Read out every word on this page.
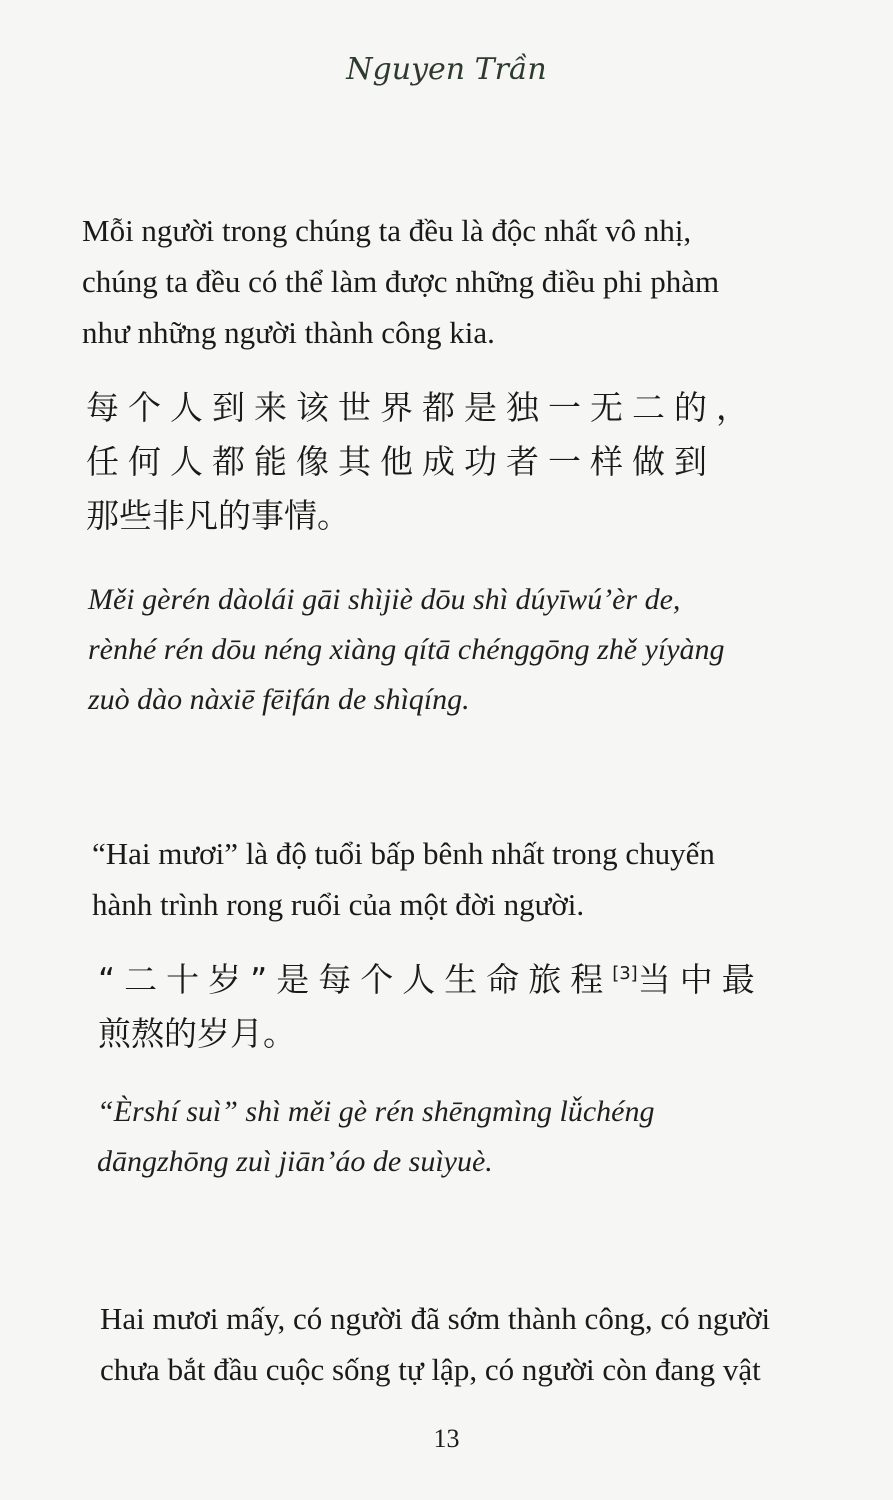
Nguyen Trần
Mỗi người trong chúng ta đều là độc nhất vô nhị,
chúng ta đều có thể làm được những điều phi phàm
như những người thành công kia.
每个人到来该世界都是独一无二的，
任何人都能像其他成功者一样做到
那些非凡的事情。
Měi gèrén dàolái gāi shìjiè dōu shì dúyīwú’èr de,
rènhé rén dōu néng xiàng qítā chénggōng zhě yíyàng
zuò dào nàxiē fēifán de shìqíng.
“Hai mươi” là độ tuổi bấp bênh nhất trong chuyến
hành trình rong ruổi của một đời người.
“二十岁”是每个人生命旅程[3]当中最
煎熬的岁月。
“Èrshí suì” shì měi gè rén shēngmìng lǚchéng
dāngzhōng zuì jiān’áo de suìyuè.
Hai mươi mấy, có người đã sớm thành công, có người
chưa bắt đầu cuộc sống tự lập, có người còn đang vật
13
